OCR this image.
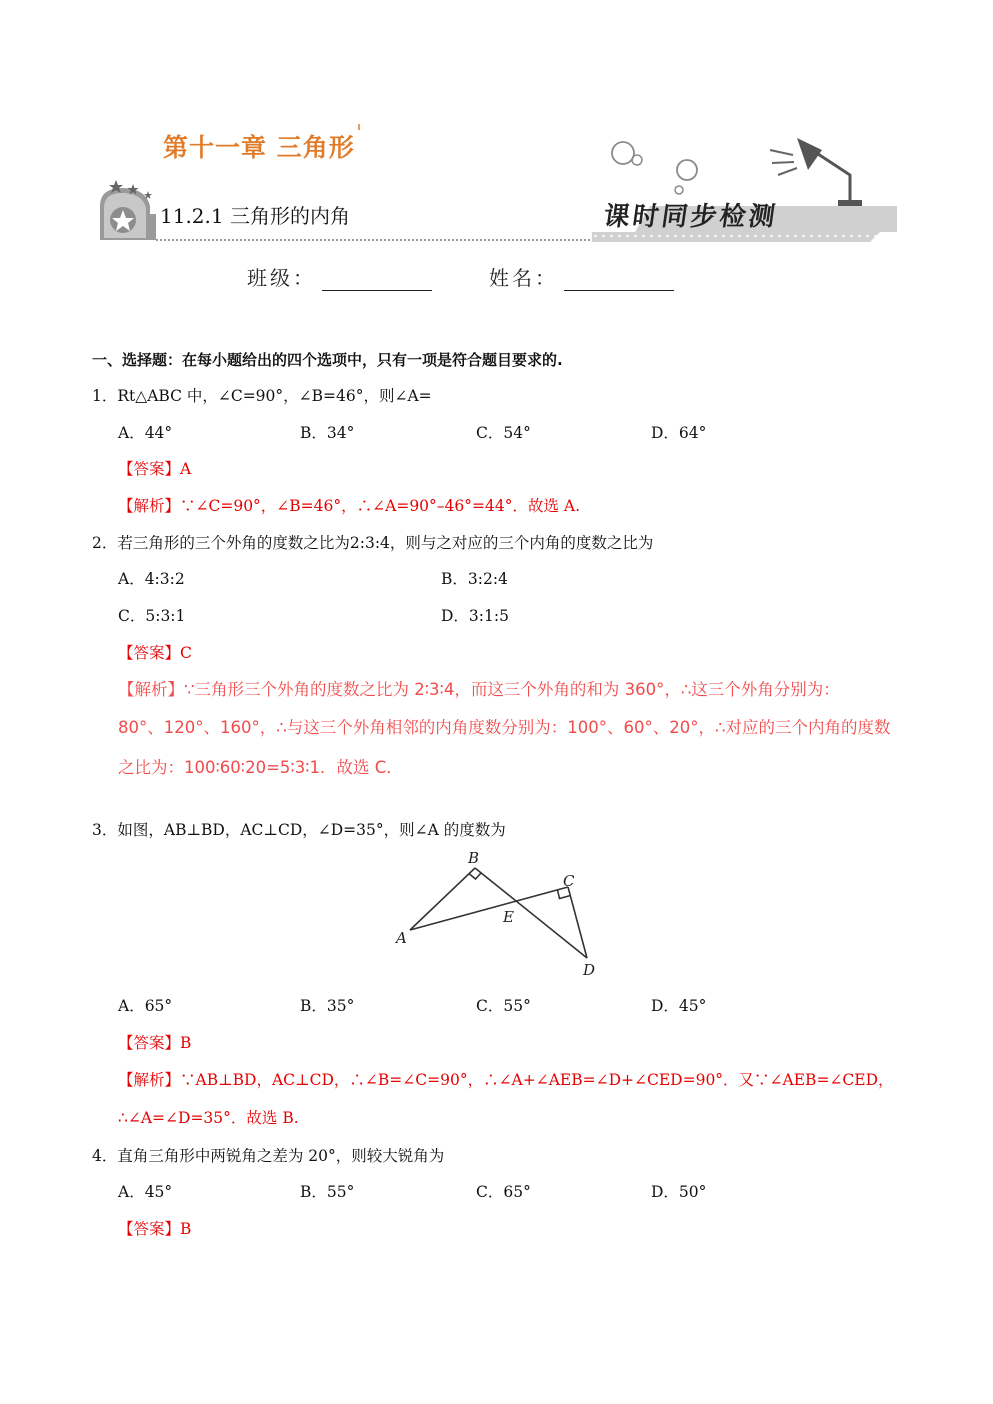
第十一章 三角形
11.2.1 三角形的内角	课时同步检测
班级：	姓名：
一、选择题：在每小题给出的四个选项中，只有一项是符合题目要求的.
1．Rt△ABC 中，∠C=90°，∠B=46°，则∠A=
A．44°	B．34°	C．54°	D．64°
【答案】A
【解析】∵∠C=90°，∠B=46°，∴∠A=90°–46°=44°．故选 A.
2．若三角形的三个外角的度数之比为2:3:4，则与之对应的三个内角的度数之比为
A．4:3:2	B．3:2:4
C．5:3:1	D．3:1:5
【答案】C
【解析】∵三角形三个外角的度数之比为 2∶3∶4，而这三个外角的和为 360°，∴这三个外角分别为：
80°、120°、160°，∴与这三个外角相邻的内角度数分别为：100°、60°、20°，∴对应的三个内角的度数
之比为：100∶60∶20=5∶3∶1．故选 C．
3．如图，AB⊥BD，AC⊥CD，∠D=35°，则∠A 的度数为
B
C
E
A
D
A．65°	B．35°	C．55°	D．45°
【答案】B
【解析】∵AB⊥BD，AC⊥CD，∴∠B=∠C=90°，∴∠A+∠AEB=∠D+∠CED=90°．又∵∠AEB=∠CED，
∴∠A=∠D=35°．故选 B.
4．直角三角形中两锐角之差为 20°，则较大锐角为
A．45°	B．55°	C．65°	D．50°
【答案】B
